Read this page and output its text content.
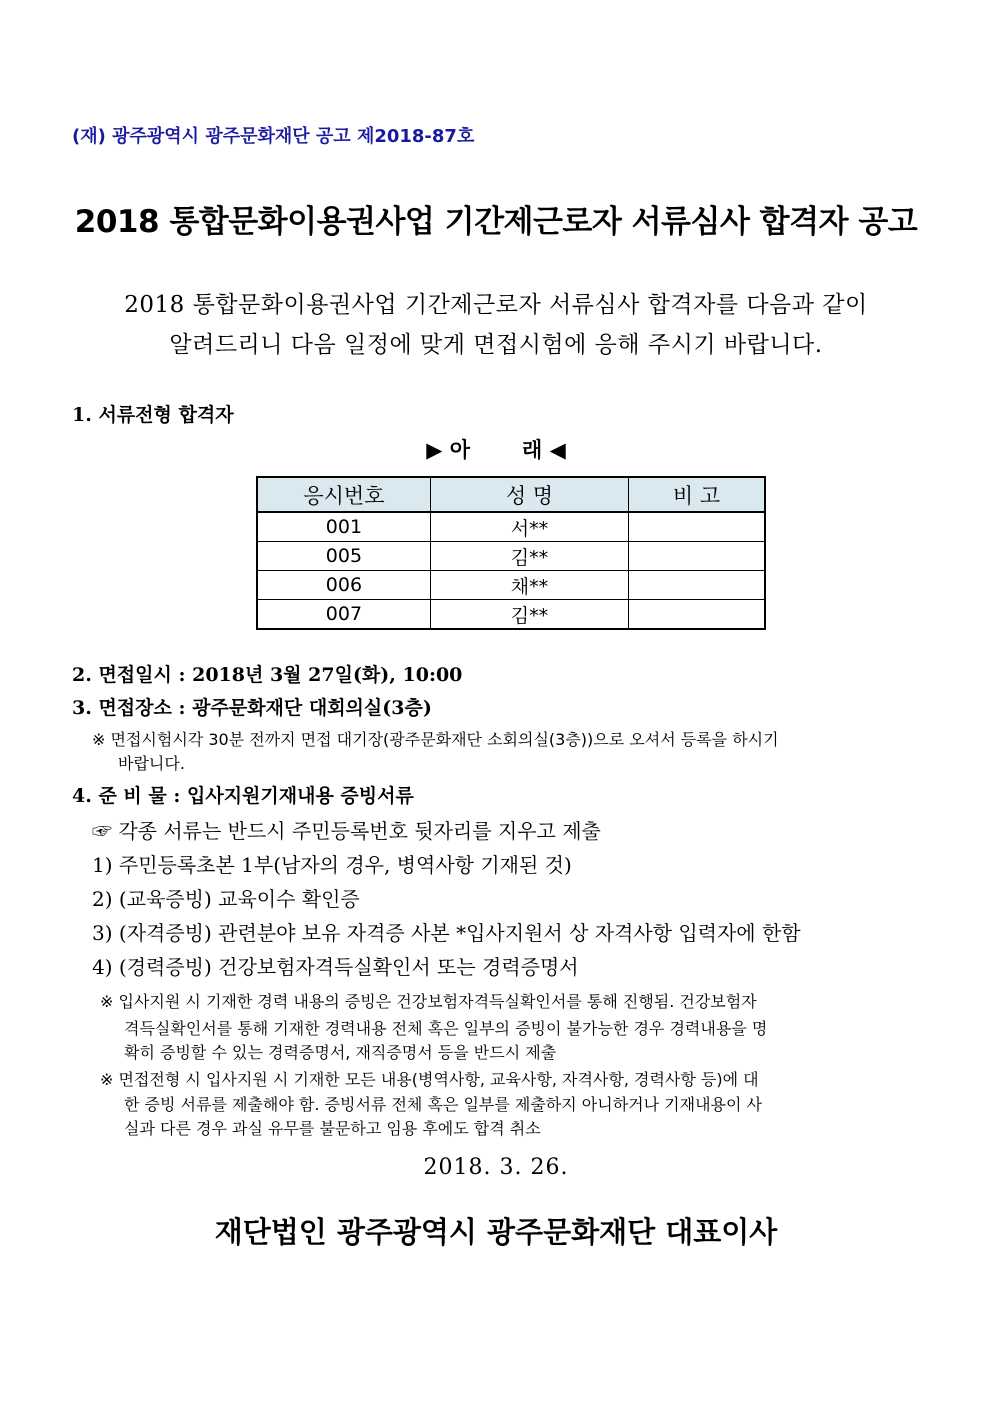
(재) 광주광역시 광주문화재단 공고 제2018-87호
2018 통합문화이용권사업 기간제근로자 서류심사 합격자 공고
2018 통합문화이용권사업 기간제근로자 서류심사 합격자를 다음과 같이
알려드리니 다음 일정에 맞게 면접시험에 응해 주시기 바랍니다.
1. 서류전형 합격자
▶ 아 래 ◀
응시번호	성 명	비 고
001	서**	
005	김**	
006	채**	
007	김**	
2. 면접일시 : 2018년 3월 27일(화), 10:00
3. 면접장소 : 광주문화재단 대회의실(3층)
※ 면접시험시각 30분 전까지 면접 대기장(광주문화재단 소회의실(3층))으로 오셔서 등록을 하시기
바랍니다.
4. 준 비 물 : 입사지원기재내용 증빙서류
☞ 각종 서류는 반드시 주민등록번호 뒷자리를 지우고 제출
1) 주민등록초본 1부(남자의 경우, 병역사항 기재된 것)
2) (교육증빙) 교육이수 확인증
3) (자격증빙) 관련분야 보유 자격증 사본 *입사지원서 상 자격사항 입력자에 한함
4) (경력증빙) 건강보험자격득실확인서 또는 경력증명서
※ 입사지원 시 기재한 경력 내용의 증빙은 건강보험자격득실확인서를 통해 진행됨. 건강보험자
격득실확인서를 통해 기재한 경력내용 전체 혹은 일부의 증빙이 불가능한 경우 경력내용을 명
확히 증빙할 수 있는 경력증명서, 재직증명서 등을 반드시 제출
※ 면접전형 시 입사지원 시 기재한 모든 내용(병역사항, 교육사항, 자격사항, 경력사항 등)에 대
한 증빙 서류를 제출해야 함. 증빙서류 전체 혹은 일부를 제출하지 아니하거나 기재내용이 사
실과 다른 경우 과실 유무를 불문하고 임용 후에도 합격 취소
2018. 3. 26.
재단법인 광주광역시 광주문화재단 대표이사
